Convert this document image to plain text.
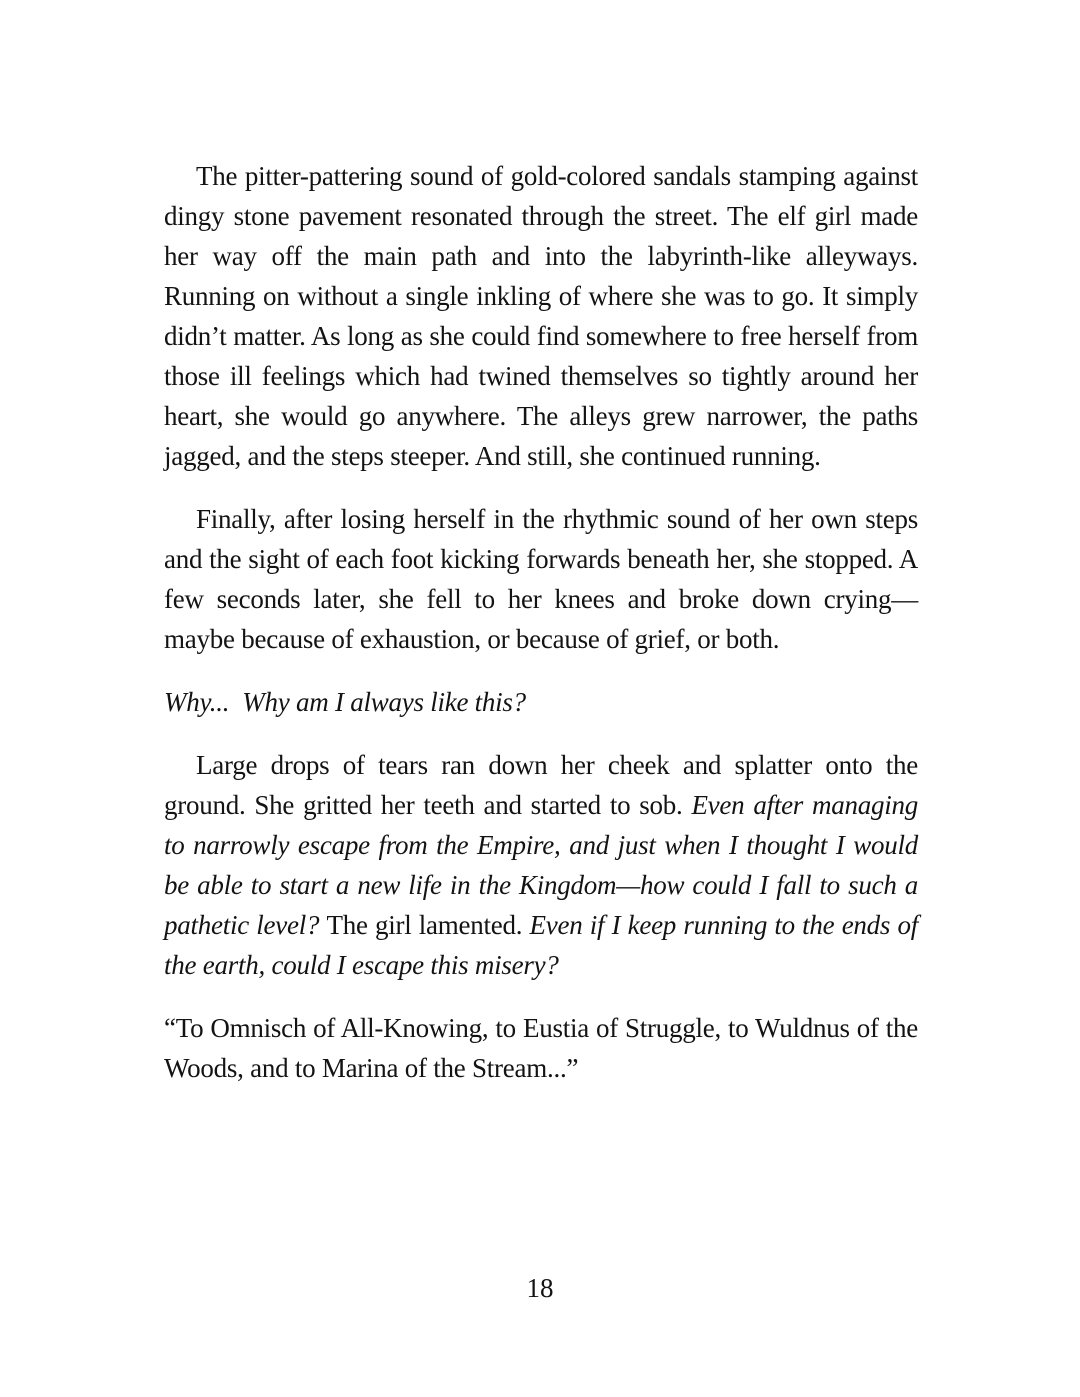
The pitter-pattering sound of gold-colored sandals stamping against dingy stone pavement resonated through the street. The elf girl made her way off the main path and into the labyrinth-like alleyways. Running on without a single inkling of where she was to go. It simply didn’t matter. As long as she could find somewhere to free herself from those ill feelings which had twined themselves so tightly around her heart, she would go anywhere. The alleys grew narrower, the paths jagged, and the steps steeper. And still, she continued running.

Finally, after losing herself in the rhythmic sound of her own steps and the sight of each foot kicking forwards beneath her, she stopped. A few seconds later, she fell to her knees and broke down crying—maybe because of exhaustion, or because of grief, or both.

Why...  Why am I always like this?

Large drops of tears ran down her cheek and splatter onto the ground. She gritted her teeth and started to sob. Even after managing to narrowly escape from the Empire, and just when I thought I would be able to start a new life in the Kingdom—how could I fall to such a pathetic level? The girl lamented. Even if I keep running to the ends of the earth, could I escape this misery?

“To Omnisch of All-Knowing, to Eustia of Struggle, to Wuldnus of the Woods, and to Marina of the Stream...”

18
